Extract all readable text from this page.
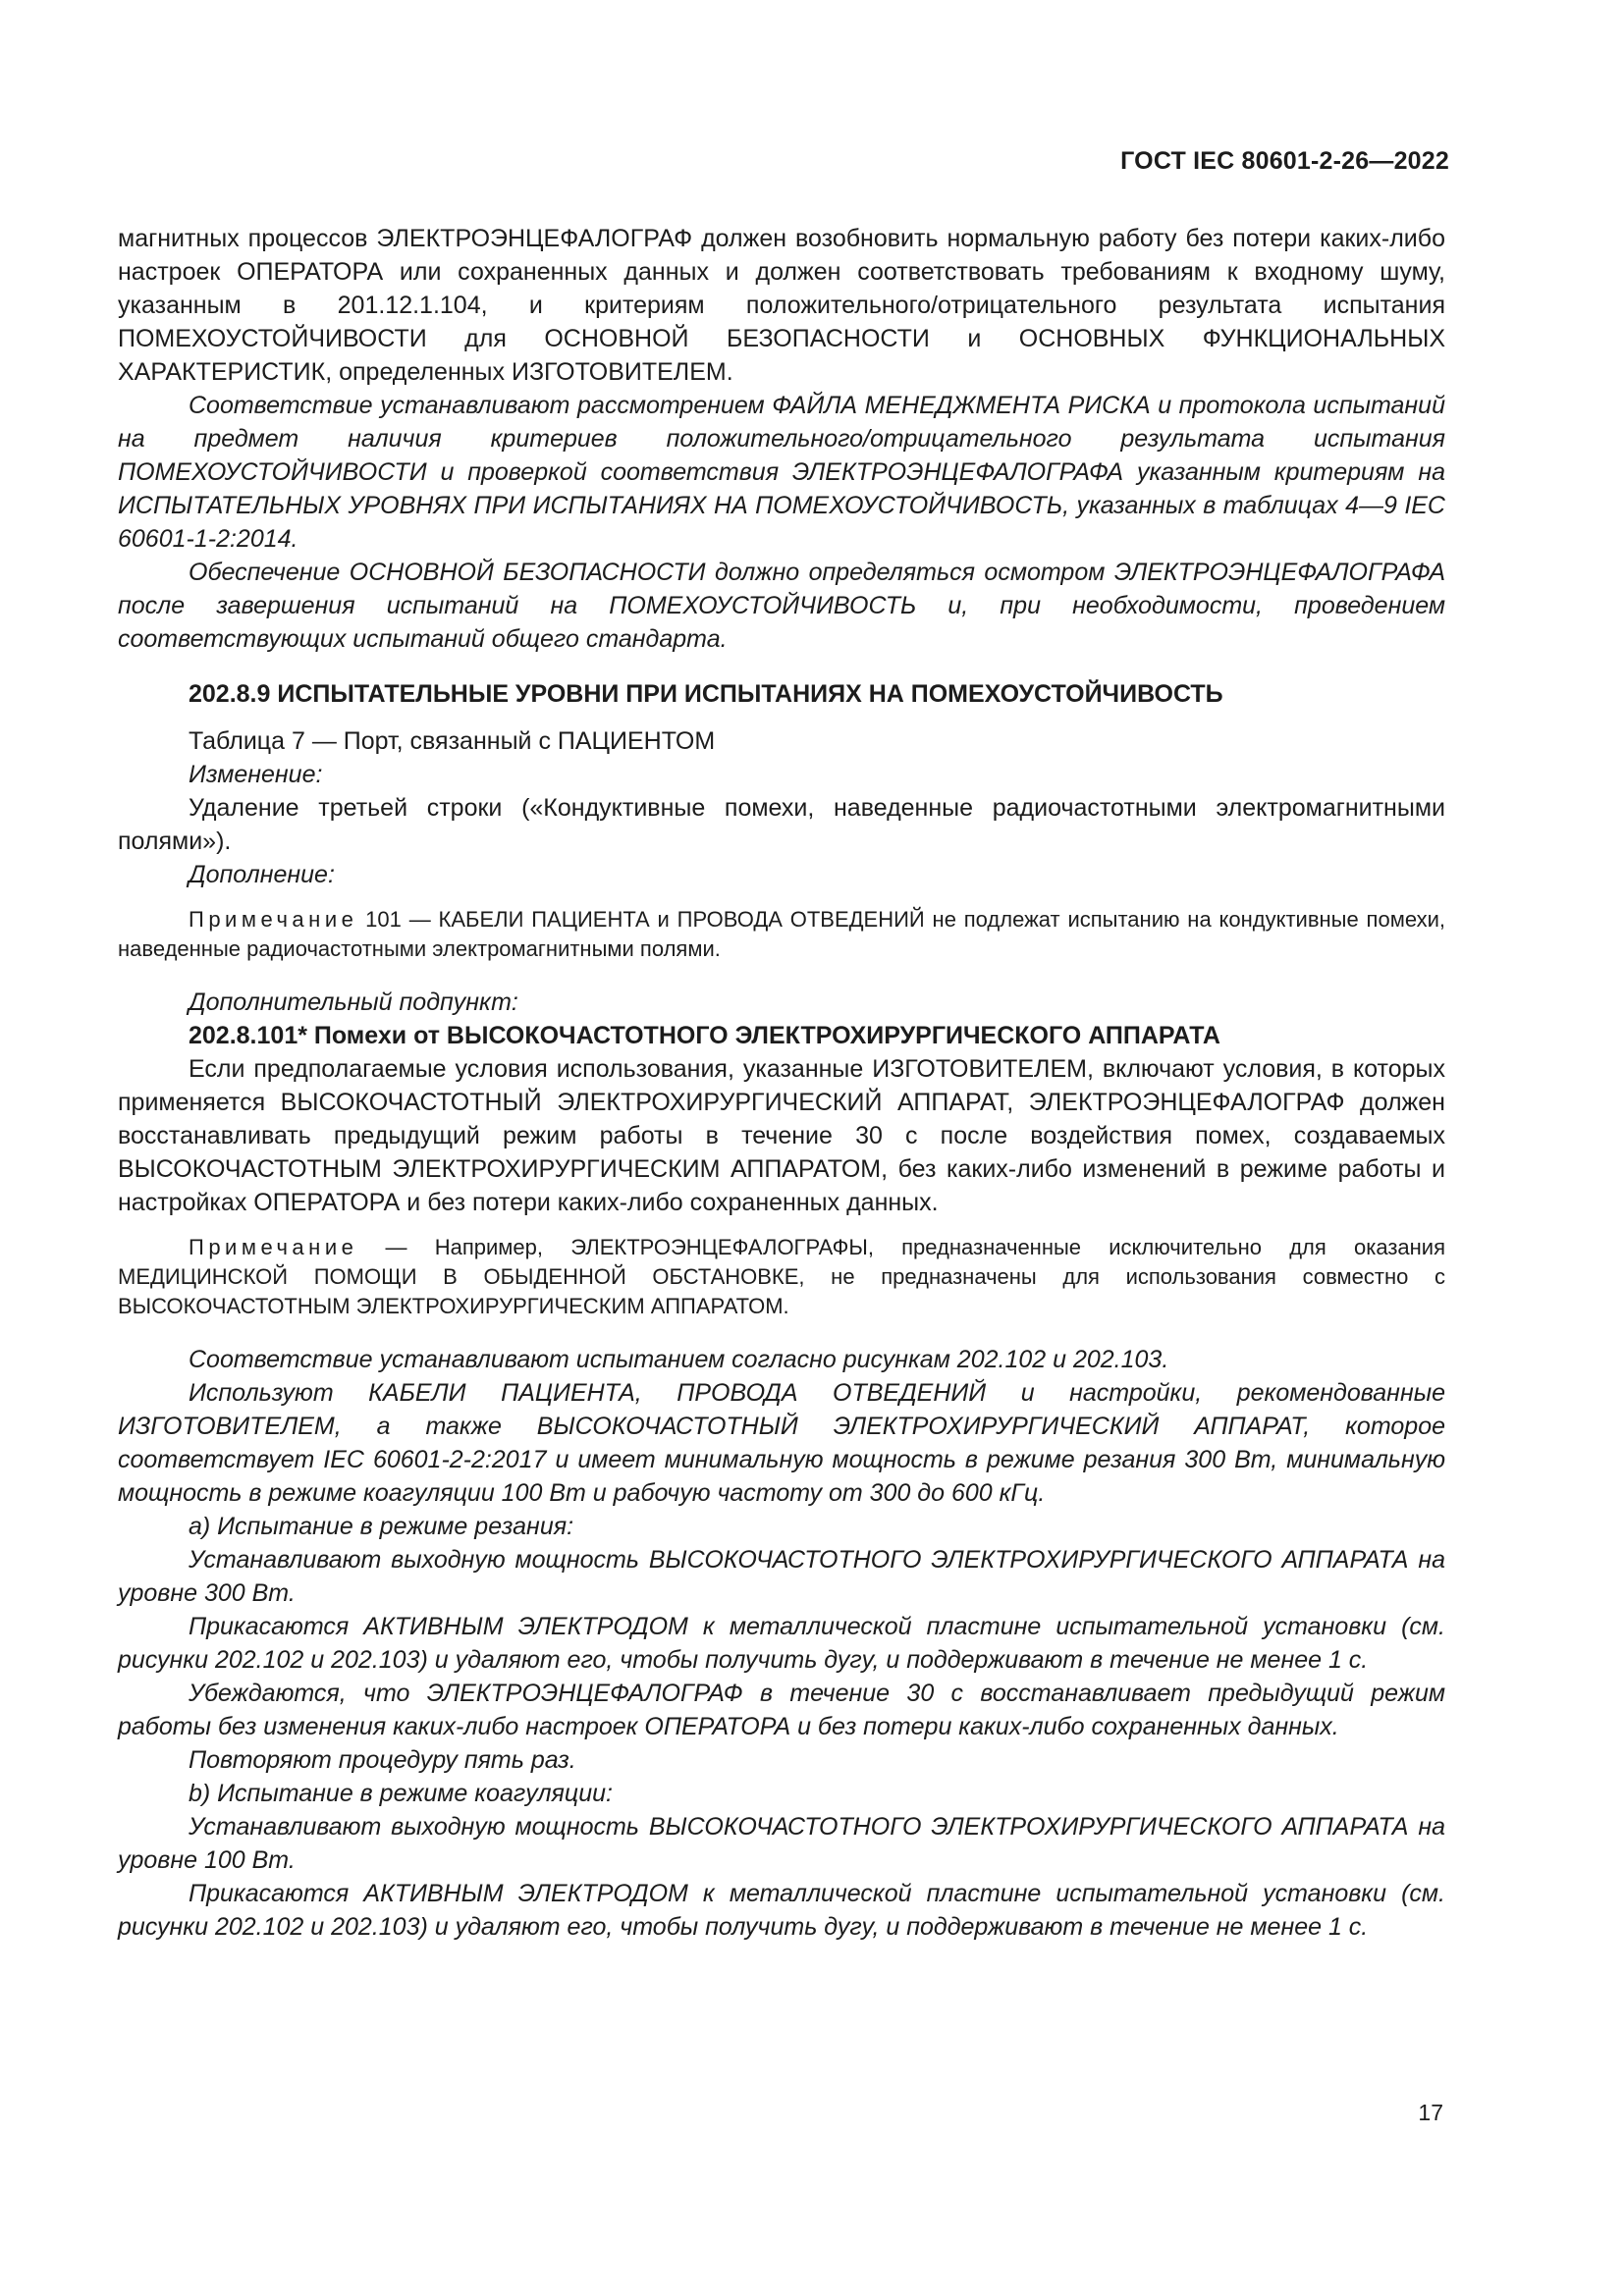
ГОСТ IEC 80601-2-26—2022

магнитных процессов ЭЛЕКТРОЭНЦЕФАЛОГРАФ должен возобновить нормальную работу без потери каких-либо настроек ОПЕРАТОРА или сохраненных данных и должен соответствовать требованиям к входному шуму, указанным в 201.12.1.104, и критериям положительного/отрицательного результата испытания ПОМЕХОУСТОЙЧИВОСТИ для ОСНОВНОЙ БЕЗОПАСНОСТИ и ОСНОВНЫХ ФУНКЦИОНАЛЬНЫХ ХАРАКТЕРИСТИК, определенных ИЗГОТОВИТЕЛЕМ.

Соответствие устанавливают рассмотрением ФАЙЛА МЕНЕДЖМЕНТА РИСКА и протокола испытаний на предмет наличия критериев положительного/отрицательного результата испытания ПОМЕХОУСТОЙЧИВОСТИ и проверкой соответствия ЭЛЕКТРОЭНЦЕФАЛОГРАФА указанным критериям на ИСПЫТАТЕЛЬНЫХ УРОВНЯХ ПРИ ИСПЫТАНИЯХ НА ПОМЕХОУСТОЙЧИВОСТЬ, указанных в таблицах 4—9 IEC 60601-1-2:2014.

Обеспечение ОСНОВНОЙ БЕЗОПАСНОСТИ должно определяться осмотром ЭЛЕКТРОЭНЦЕФАЛОГРАФА после завершения испытаний на ПОМЕХОУСТОЙЧИВОСТЬ и, при необходимости, проведением соответствующих испытаний общего стандарта.

202.8.9 ИСПЫТАТЕЛЬНЫЕ УРОВНИ ПРИ ИСПЫТАНИЯХ НА ПОМЕХОУСТОЙЧИВОСТЬ

Таблица 7 — Порт, связанный с ПАЦИЕНТОМ

Изменение:

Удаление третьей строки («Кондуктивные помехи, наведенные радиочастотными электромагнитными полями»).

Дополнение:

Примечание 101 — КАБЕЛИ ПАЦИЕНТА и ПРОВОДА ОТВЕДЕНИЙ не подлежат испытанию на кондуктивные помехи, наведенные радиочастотными электромагнитными полями.

Дополнительный подпункт:

202.8.101* Помехи от ВЫСОКОЧАСТОТНОГО ЭЛЕКТРОХИРУРГИЧЕСКОГО АППАРАТА

Если предполагаемые условия использования, указанные ИЗГОТОВИТЕЛЕМ, включают условия, в которых применяется ВЫСОКОЧАСТОТНЫЙ ЭЛЕКТРОХИРУРГИЧЕСКИЙ АППАРАТ, ЭЛЕКТРОЭНЦЕФАЛОГРАФ должен восстанавливать предыдущий режим работы в течение 30 с после воздействия помех, создаваемых ВЫСОКОЧАСТОТНЫМ ЭЛЕКТРОХИРУРГИЧЕСКИМ АППАРАТОМ, без каких-либо изменений в режиме работы и настройках ОПЕРАТОРА и без потери каких-либо сохраненных данных.

Примечание — Например, ЭЛЕКТРОЭНЦЕФАЛОГРАФЫ, предназначенные исключительно для оказания МЕДИЦИНСКОЙ ПОМОЩИ В ОБЫДЕННОЙ ОБСТАНОВКЕ, не предназначены для использования совместно с ВЫСОКОЧАСТОТНЫМ ЭЛЕКТРОХИРУРГИЧЕСКИМ АППАРАТОМ.

Соответствие устанавливают испытанием согласно рисункам 202.102 и 202.103.

Используют КАБЕЛИ ПАЦИЕНТА, ПРОВОДА ОТВЕДЕНИЙ и настройки, рекомендованные ИЗГОТОВИТЕЛЕМ, а также ВЫСОКОЧАСТОТНЫЙ ЭЛЕКТРОХИРУРГИЧЕСКИЙ АППАРАТ, которое соответствует IEC 60601-2-2:2017 и имеет минимальную мощность в режиме резания 300 Вт, минимальную мощность в режиме коагуляции 100 Вт и рабочую частоту от 300 до 600 кГц.

а) Испытание в режиме резания:

Устанавливают выходную мощность ВЫСОКОЧАСТОТНОГО ЭЛЕКТРОХИРУРГИЧЕСКОГО АППАРАТА на уровне 300 Вт.

Прикасаются АКТИВНЫМ ЭЛЕКТРОДОМ к металлической пластине испытательной установки (см. рисунки 202.102 и 202.103) и удаляют его, чтобы получить дугу, и поддерживают в течение не менее 1 с.

Убеждаются, что ЭЛЕКТРОЭНЦЕФАЛОГРАФ в течение 30 с восстанавливает предыдущий режим работы без изменения каких-либо настроек ОПЕРАТОРА и без потери каких-либо сохраненных данных.

Повторяют процедуру пять раз.

b) Испытание в режиме коагуляции:

Устанавливают выходную мощность ВЫСОКОЧАСТОТНОГО ЭЛЕКТРОХИРУРГИЧЕСКОГО АППАРАТА на уровне 100 Вт.

Прикасаются АКТИВНЫМ ЭЛЕКТРОДОМ к металлической пластине испытательной установки (см. рисунки 202.102 и 202.103) и удаляют его, чтобы получить дугу, и поддерживают в течение не менее 1 с.

17
